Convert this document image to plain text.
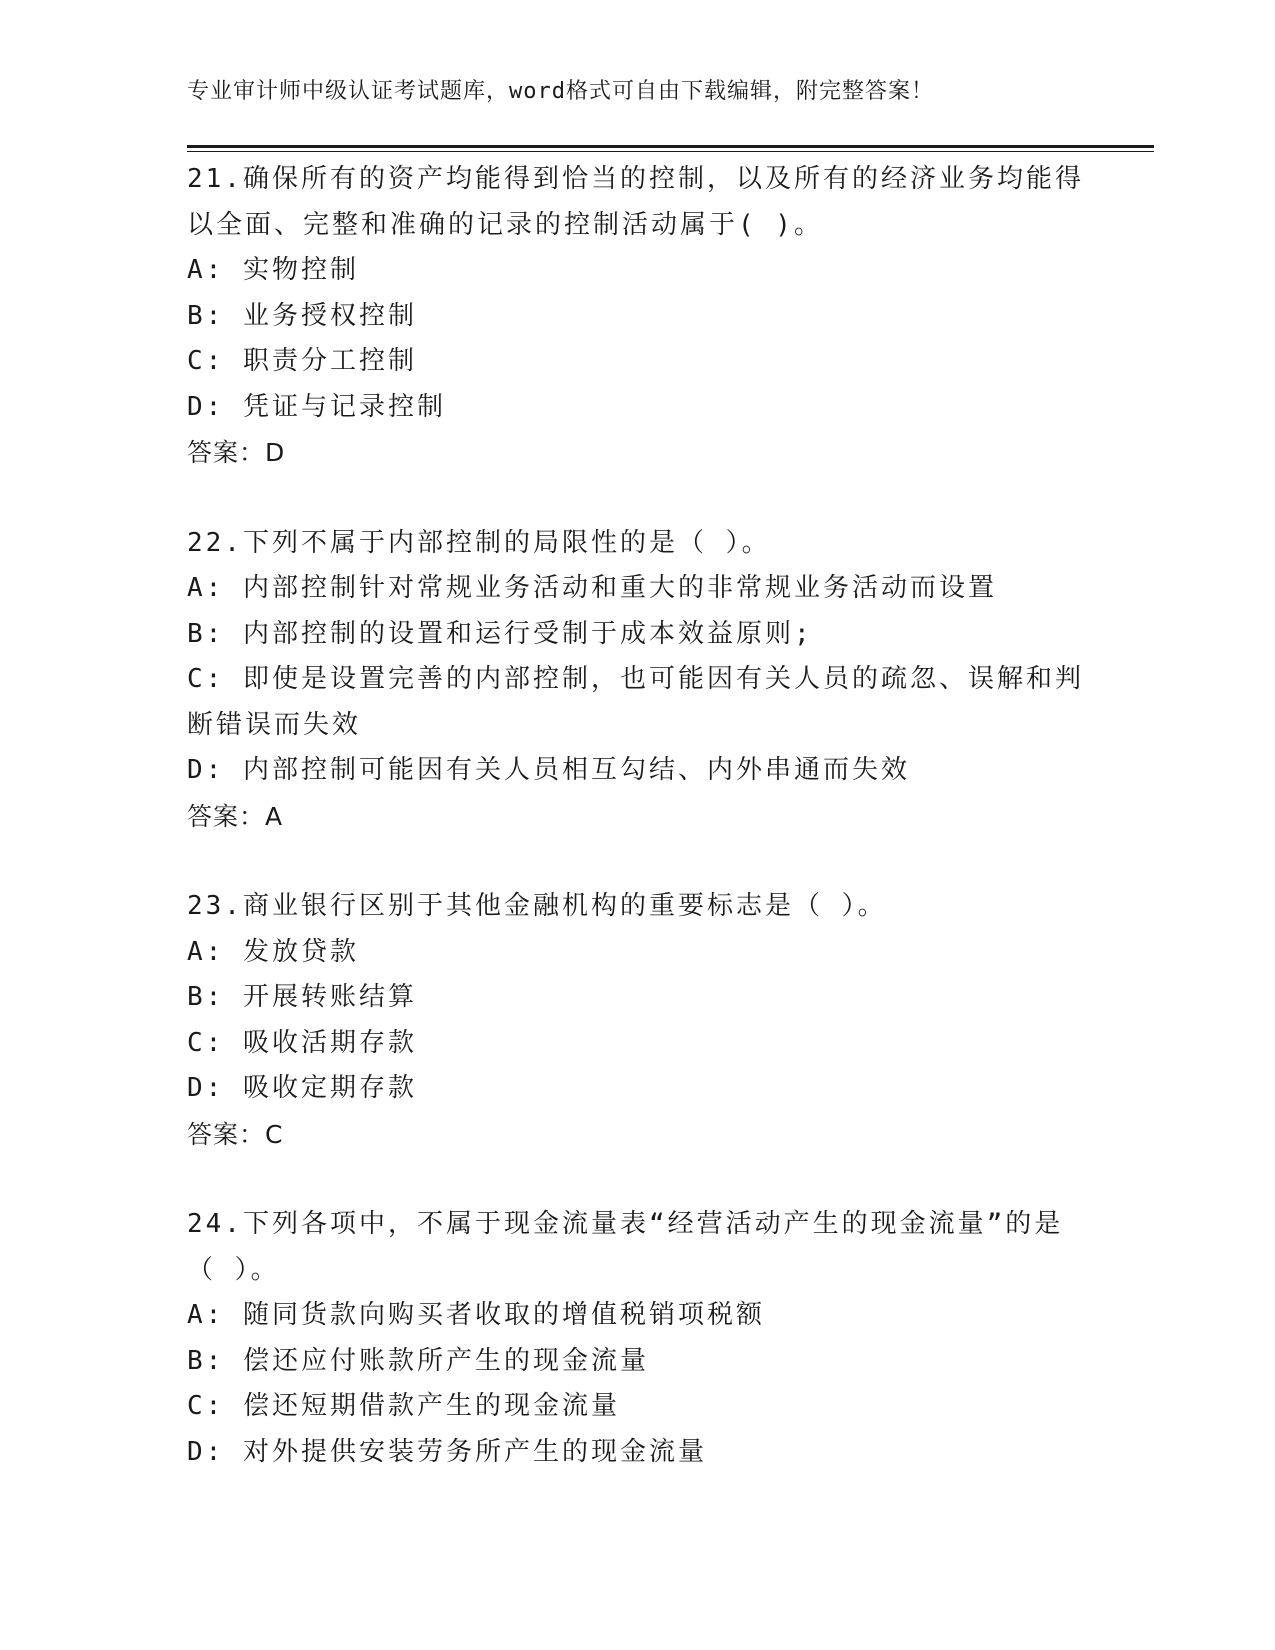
专业审计师中级认证考试题库，word格式可自由下载编辑，附完整答案！
21.确保所有的资产均能得到恰当的控制，以及所有的经济业务均能得
以全面、完整和准确的记录的控制活动属于( )。
A: 实物控制
B: 业务授权控制
C: 职责分工控制
D: 凭证与记录控制
答案：D
22.下列不属于内部控制的局限性的是（ ）。
A: 内部控制针对常规业务活动和重大的非常规业务活动而设置
B: 内部控制的设置和运行受制于成本效益原则;
C: 即使是设置完善的内部控制，也可能因有关人员的疏忽、误解和判
断错误而失效
D: 内部控制可能因有关人员相互勾结、内外串通而失效
答案：A
23.商业银行区别于其他金融机构的重要标志是（ ）。
A: 发放贷款
B: 开展转账结算
C: 吸收活期存款
D: 吸收定期存款
答案：C
24.下列各项中，不属于现金流量表“经营活动产生的现金流量”的是
（ ）。
A: 随同货款向购买者收取的增值税销项税额
B: 偿还应付账款所产生的现金流量
C: 偿还短期借款产生的现金流量
D: 对外提供安装劳务所产生的现金流量
